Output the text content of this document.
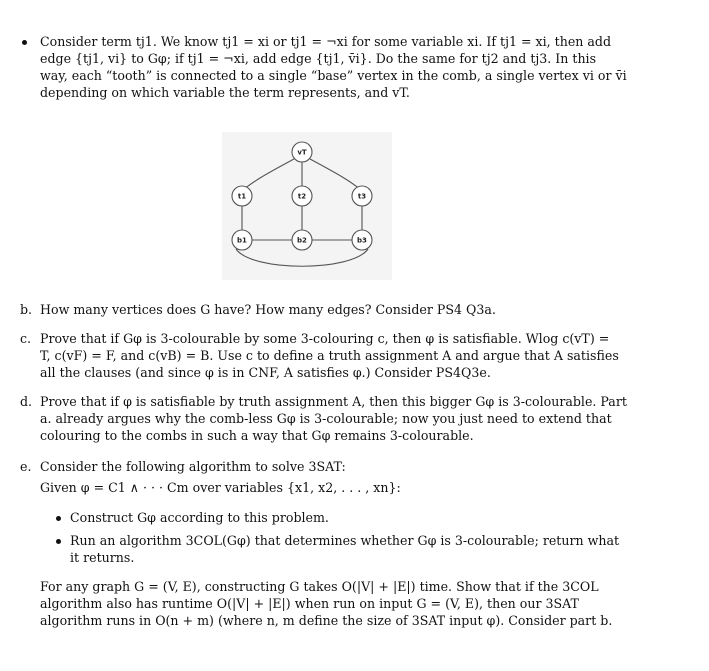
Consider term tj1. We know tj1 = xi or tj1 = ¬xi for some variable xi. If tj1 = xi, then add
edge {tj1, vi} to Gφ; if tj1 = ¬xi, add edge {tj1, v̄i}. Do the same for tj2 and tj3. In this
way, each “tooth” is connected to a single “base” vertex in the comb, a single vertex vi or v̄i
depending on which variable the term represents, and vT.
vT
t1	t2	t3
b1	b2	b3
b. How many vertices does G have? How many edges? Consider PS4 Q3a.
c. Prove that if Gφ is 3-colourable by some 3-colouring c, then φ is satisfiable. Wlog c(vT) =
T, c(vF) = F, and c(vB) = B. Use c to define a truth assignment A and argue that A satisfies
all the clauses (and since φ is in CNF, A satisfies φ.) Consider PS4Q3e.
d. Prove that if φ is satisfiable by truth assignment A, then this bigger Gφ is 3-colourable. Part
a. already argues why the comb-less Gφ is 3-colourable; now you just need to extend that
colouring to the combs in such a way that Gφ remains 3-colourable.
e. Consider the following algorithm to solve 3SAT:
Given φ = C1 ∧ · · · Cm over variables {x1, x2, . . . , xn}:
Construct Gφ according to this problem.
Run an algorithm 3COL(Gφ) that determines whether Gφ is 3-colourable; return what
it returns.
For any graph G = (V, E), constructing G takes O(|V| + |E|) time. Show that if the 3COL
algorithm also has runtime O(|V| + |E|) when run on input G = (V, E), then our 3SAT
algorithm runs in O(n + m) (where n, m define the size of 3SAT input φ). Consider part b.
